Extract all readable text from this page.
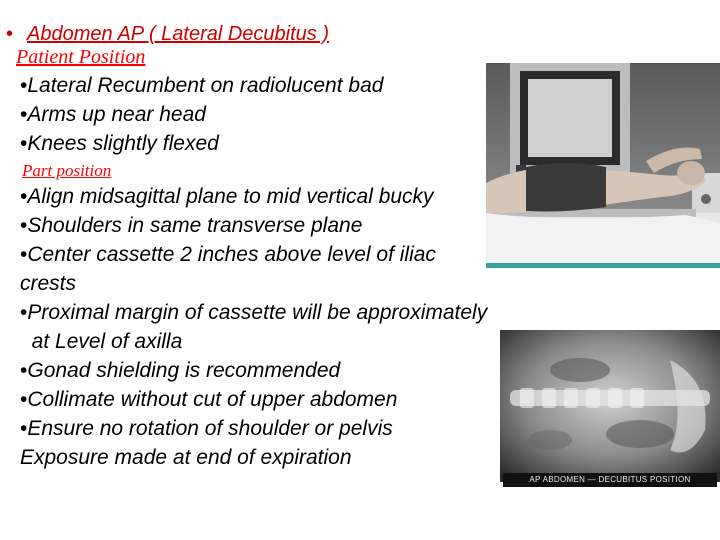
• Abdomen AP ( Lateral Decubitus )
Patient Position
•Lateral Recumbent on radiolucent bad
•Arms up near head
•Knees slightly flexed
Part position
•Align midsagittal plane to mid vertical bucky
•Shoulders in same transverse plane
•Center cassette 2 inches above level of iliac crests
•Proximal margin of cassette will be approximately
at Level of axilla
•Gonad shielding is recommended
•Collimate without cut of upper abdomen
•Ensure no rotation of shoulder or pelvis
Exposure made at end of expiration
AP ABDOMEN — DECUBITUS POSITION
